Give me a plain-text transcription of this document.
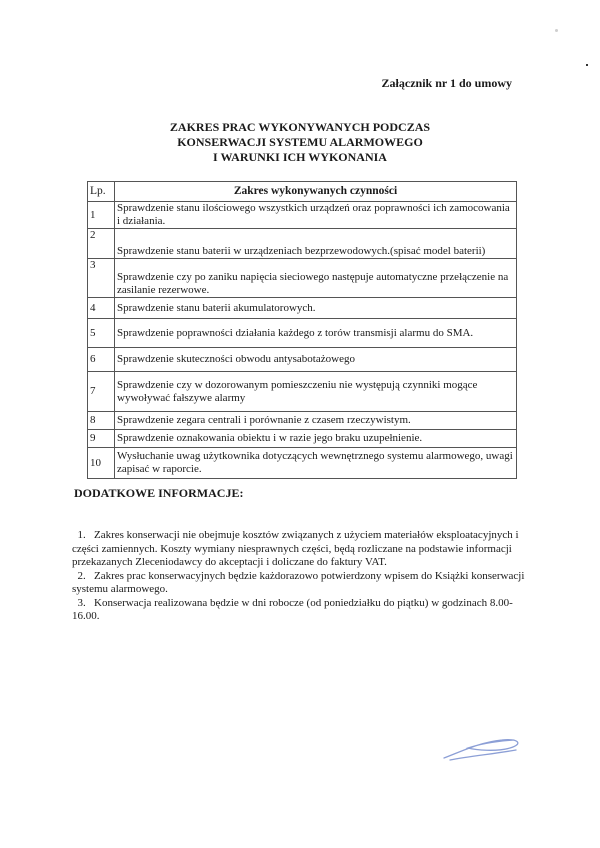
Załącznik nr 1 do umowy
ZAKRES PRAC WYKONYWANYCH PODCZAS
KONSERWACJI SYSTEMU ALARMOWEGO
I WARUNKI ICH WYKONANIA
Lp.	Zakres wykonywanych czynności
1	Sprawdzenie stanu ilościowego wszystkich urządzeń oraz poprawności ich zamocowania i działania.
2	Sprawdzenie stanu baterii w urządzeniach bezprzewodowych.(spisać model baterii)
3	Sprawdzenie czy po zaniku napięcia sieciowego następuje automatyczne przełączenie na zasilanie rezerwowe.
4	Sprawdzenie stanu baterii akumulatorowych.
5	Sprawdzenie poprawności działania każdego z torów transmisji alarmu do SMA.
6	Sprawdzenie skuteczności obwodu antysabotażowego
7	Sprawdzenie czy w dozorowanym pomieszczeniu nie występują czynniki mogące wywoływać fałszywe alarmy
8	Sprawdzenie zegara centrali i porównanie z czasem rzeczywistym.
9	Sprawdzenie oznakowania obiektu i w razie jego braku uzupełnienie.
10	Wysłuchanie uwag użytkownika dotyczących wewnętrznego systemu alarmowego, uwagi zapisać w raporcie.
DODATKOWE INFORMACJE:

1. Zakres konserwacji nie obejmuje kosztów związanych z użyciem materiałów eksploatacyjnych i części zamiennych. Koszty wymiany niesprawnych części, będą rozliczane na podstawie informacji przekazanych Zleceniodawcy do akceptacji i doliczane do faktury VAT.

2. Zakres prac konserwacyjnych będzie każdorazowo potwierdzony wpisem do Książki konserwacji systemu alarmowego.

3. Konserwacja realizowana będzie w dni robocze (od poniedziałku do piątku) w godzinach 8.00-16.00.
